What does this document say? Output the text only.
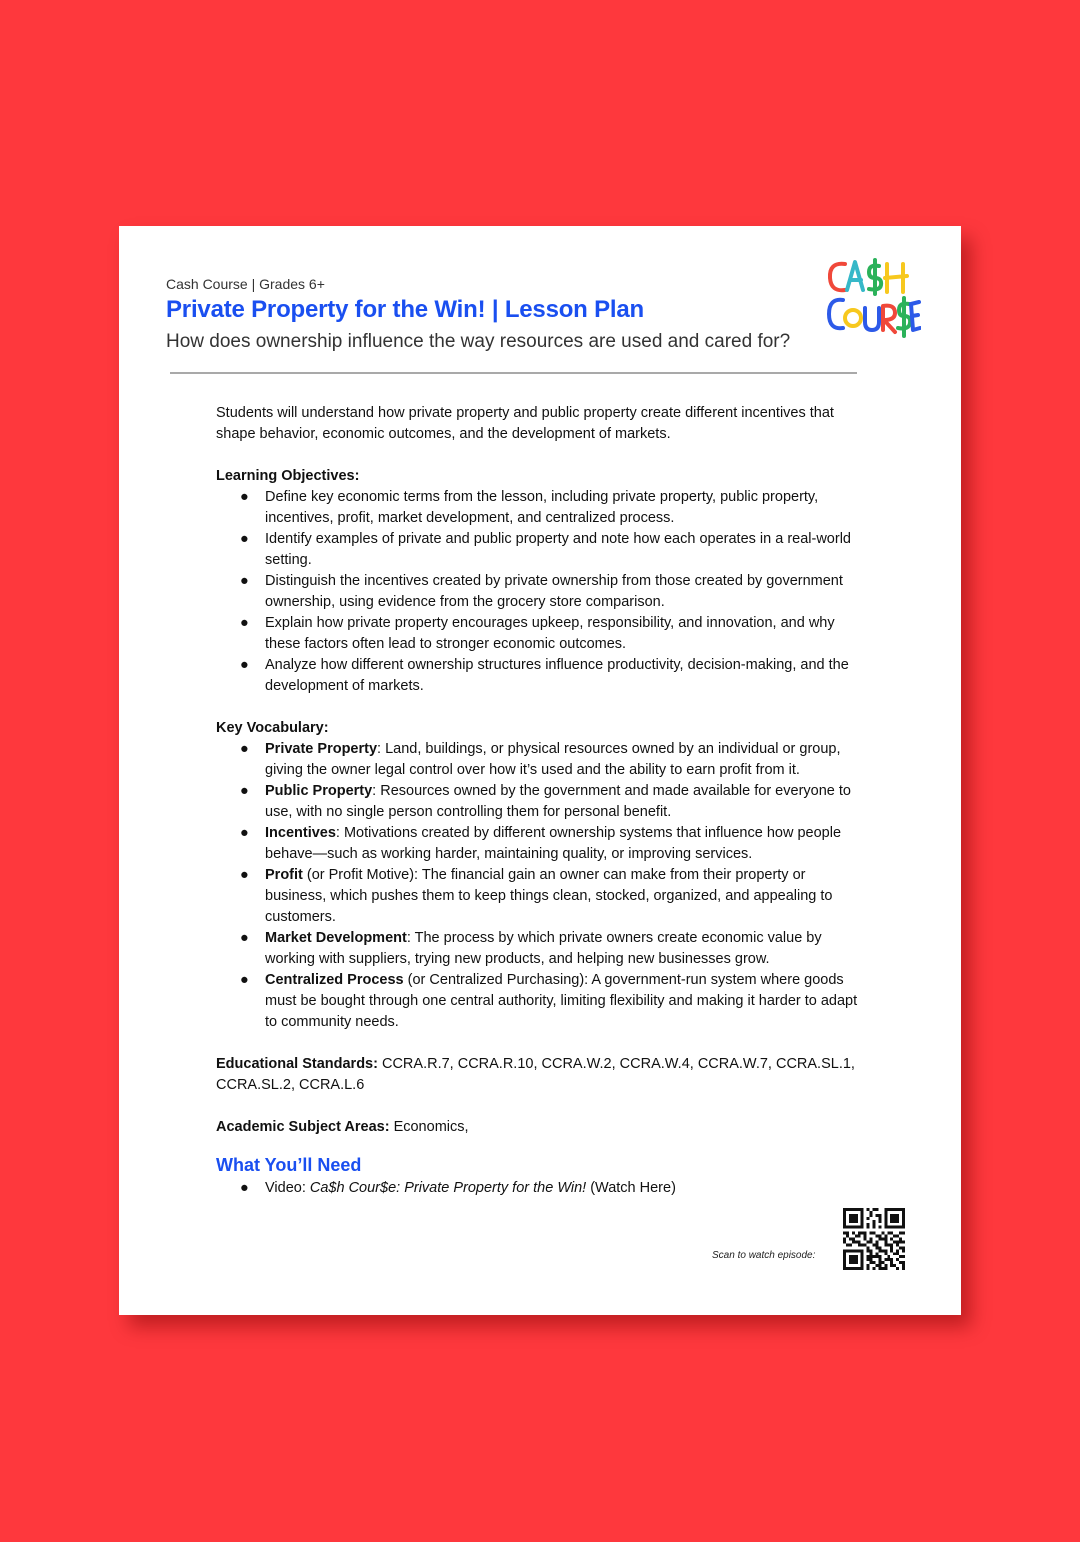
Cash Course | Grades 6+
Private Property for the Win! | Lesson Plan
How does ownership influence the way resources are used and cared for?

Students will understand how private property and public property create different incentives that shape behavior, economic outcomes, and the development of markets.

Learning Objectives:

● Define key economic terms from the lesson, including private property, public property, incentives, profit, market development, and centralized process.
● Identify examples of private and public property and note how each operates in a real-world setting.
● Distinguish the incentives created by private ownership from those created by government ownership, using evidence from the grocery store comparison.
● Explain how private property encourages upkeep, responsibility, and innovation, and why these factors often lead to stronger economic outcomes.
● Analyze how different ownership structures influence productivity, decision-making, and the development of markets.

Key Vocabulary:

● Private Property: Land, buildings, or physical resources owned by an individual or group, giving the owner legal control over how it’s used and the ability to earn profit from it.
● Public Property: Resources owned by the government and made available for everyone to use, with no single person controlling them for personal benefit.
● Incentives: Motivations created by different ownership systems that influence how people behave—such as working harder, maintaining quality, or improving services.
● Profit (or Profit Motive): The financial gain an owner can make from their property or business, which pushes them to keep things clean, stocked, organized, and appealing to customers.
● Market Development: The process by which private owners create economic value by working with suppliers, trying new products, and helping new businesses grow.
● Centralized Process (or Centralized Purchasing): A government-run system where goods must be bought through one central authority, limiting flexibility and making it harder to adapt to community needs.

Educational Standards: CCRA.R.7, CCRA.R.10, CCRA.W.2, CCRA.W.4, CCRA.W.7, CCRA.SL.1, CCRA.SL.2, CCRA.L.6

Academic Subject Areas: Economics,

What You’ll Need
● Video: Ca$h Cour$e: Private Property for the Win! (Watch Here)
Scan to watch episode:
